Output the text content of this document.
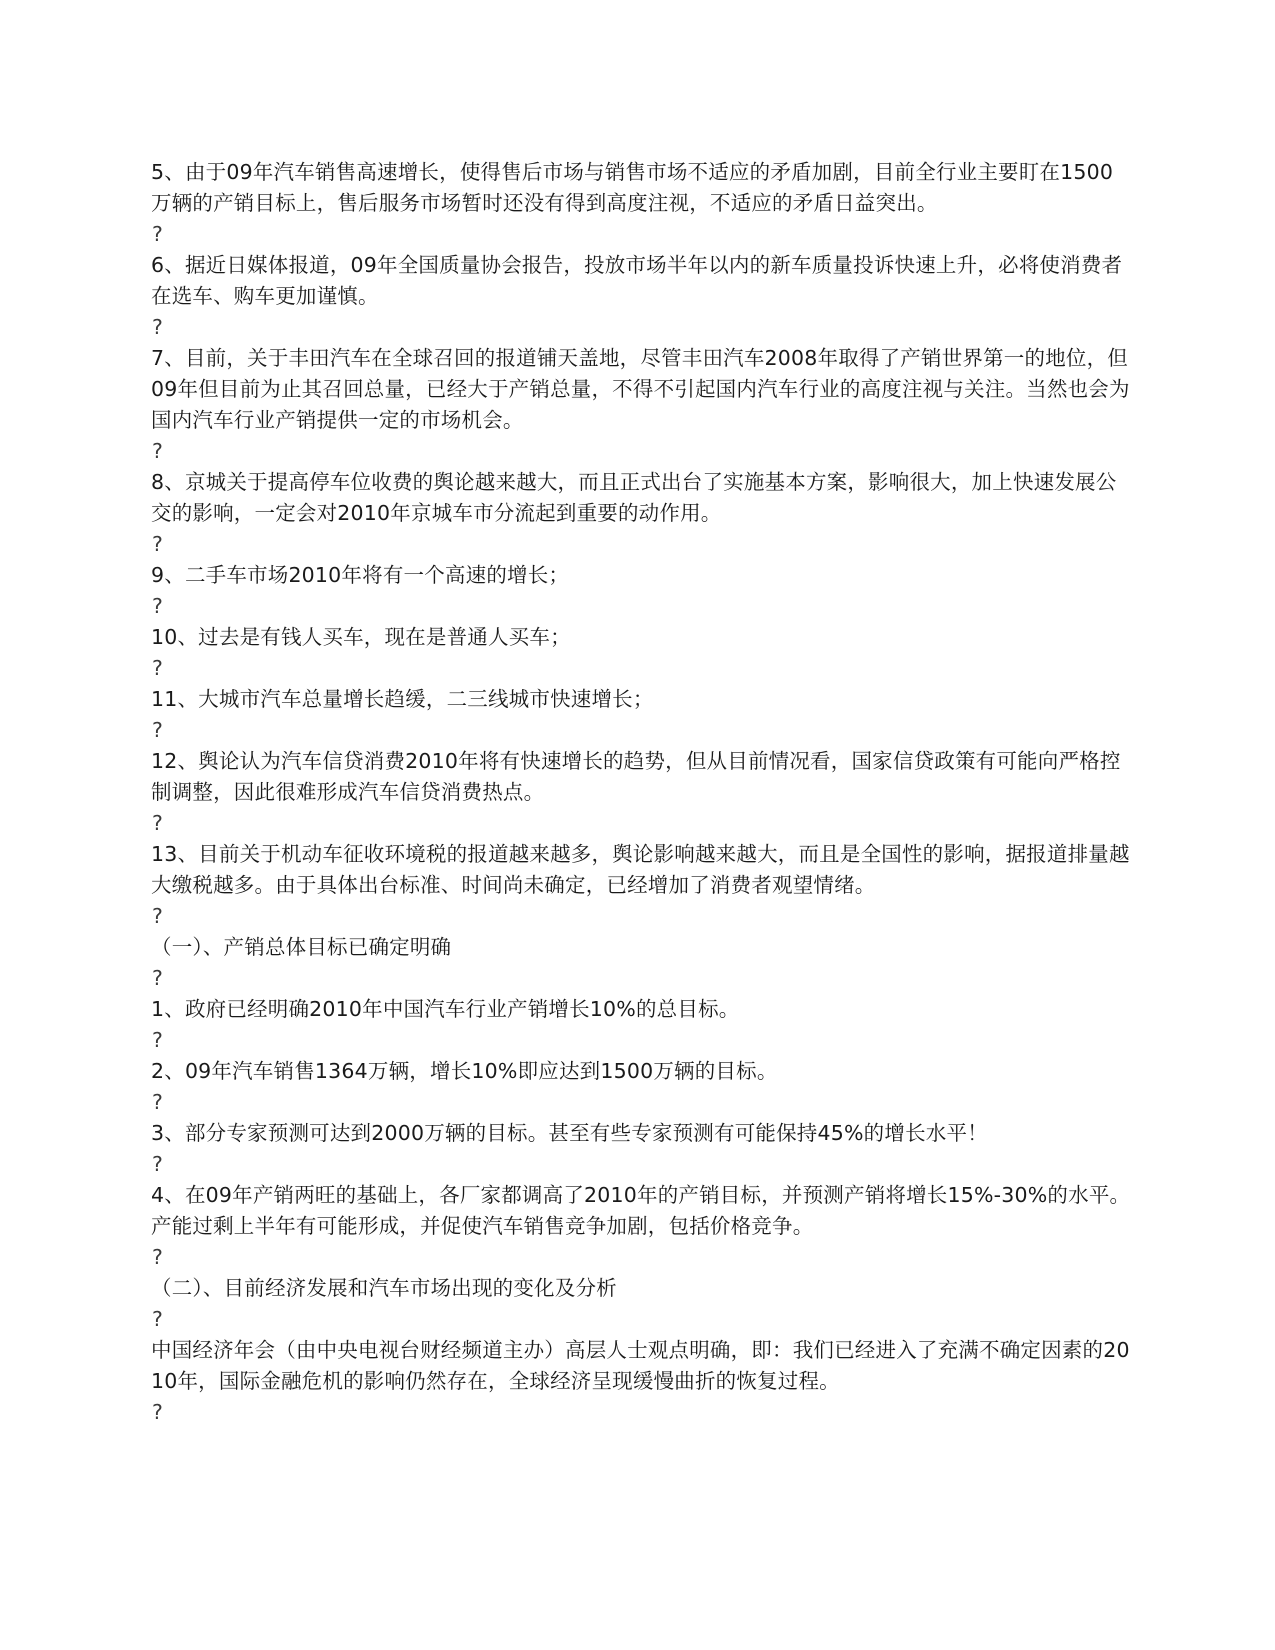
5、由于09年汽车销售高速增长，使得售后市场与销售市场不适应的矛盾加剧，目前全行业主要盯在1500万辆的产销目标上，售后服务市场暂时还没有得到高度注视，不适应的矛盾日益突出。

?

6、据近日媒体报道，09年全国质量协会报告，投放市场半年以内的新车质量投诉快速上升，必将使消费者在选车、购车更加谨慎。

?

7、目前，关于丰田汽车在全球召回的报道铺天盖地，尽管丰田汽车2008年取得了产销世界第一的地位，但09年但目前为止其召回总量，已经大于产销总量，不得不引起国内汽车行业的高度注视与关注。当然也会为国内汽车行业产销提供一定的市场机会。

?

8、京城关于提高停车位收费的舆论越来越大，而且正式出台了实施基本方案，影响很大，加上快速发展公交的影响，一定会对2010年京城车市分流起到重要的动作用。

?

9、二手车市场2010年将有一个高速的增长；

?

10、过去是有钱人买车，现在是普通人买车；

?

11、大城市汽车总量增长趋缓，二三线城市快速增长；

?

12、舆论认为汽车信贷消费2010年将有快速增长的趋势，但从目前情况看，国家信贷政策有可能向严格控制调整，因此很难形成汽车信贷消费热点。

?

13、目前关于机动车征收环境税的报道越来越多，舆论影响越来越大，而且是全国性的影响，据报道排量越大缴税越多。由于具体出台标准、时间尚未确定，已经增加了消费者观望情绪。

?

（一）、产销总体目标已确定明确

?

1、政府已经明确2010年中国汽车行业产销增长10%的总目标。

?

2、09年汽车销售1364万辆，增长10%即应达到1500万辆的目标。

?

3、部分专家预测可达到2000万辆的目标。甚至有些专家预测有可能保持45%的增长水平！

?

4、在09年产销两旺的基础上，各厂家都调高了2010年的产销目标，并预测产销将增长15%-30%的水平。产能过剩上半年有可能形成，并促使汽车销售竞争加剧，包括价格竞争。

?

（二）、目前经济发展和汽车市场出现的变化及分析

?

中国经济年会（由中央电视台财经频道主办）高层人士观点明确，即：我们已经进入了充满不确定因素的2010年，国际金融危机的影响仍然存在，全球经济呈现缓慢曲折的恢复过程。

?
